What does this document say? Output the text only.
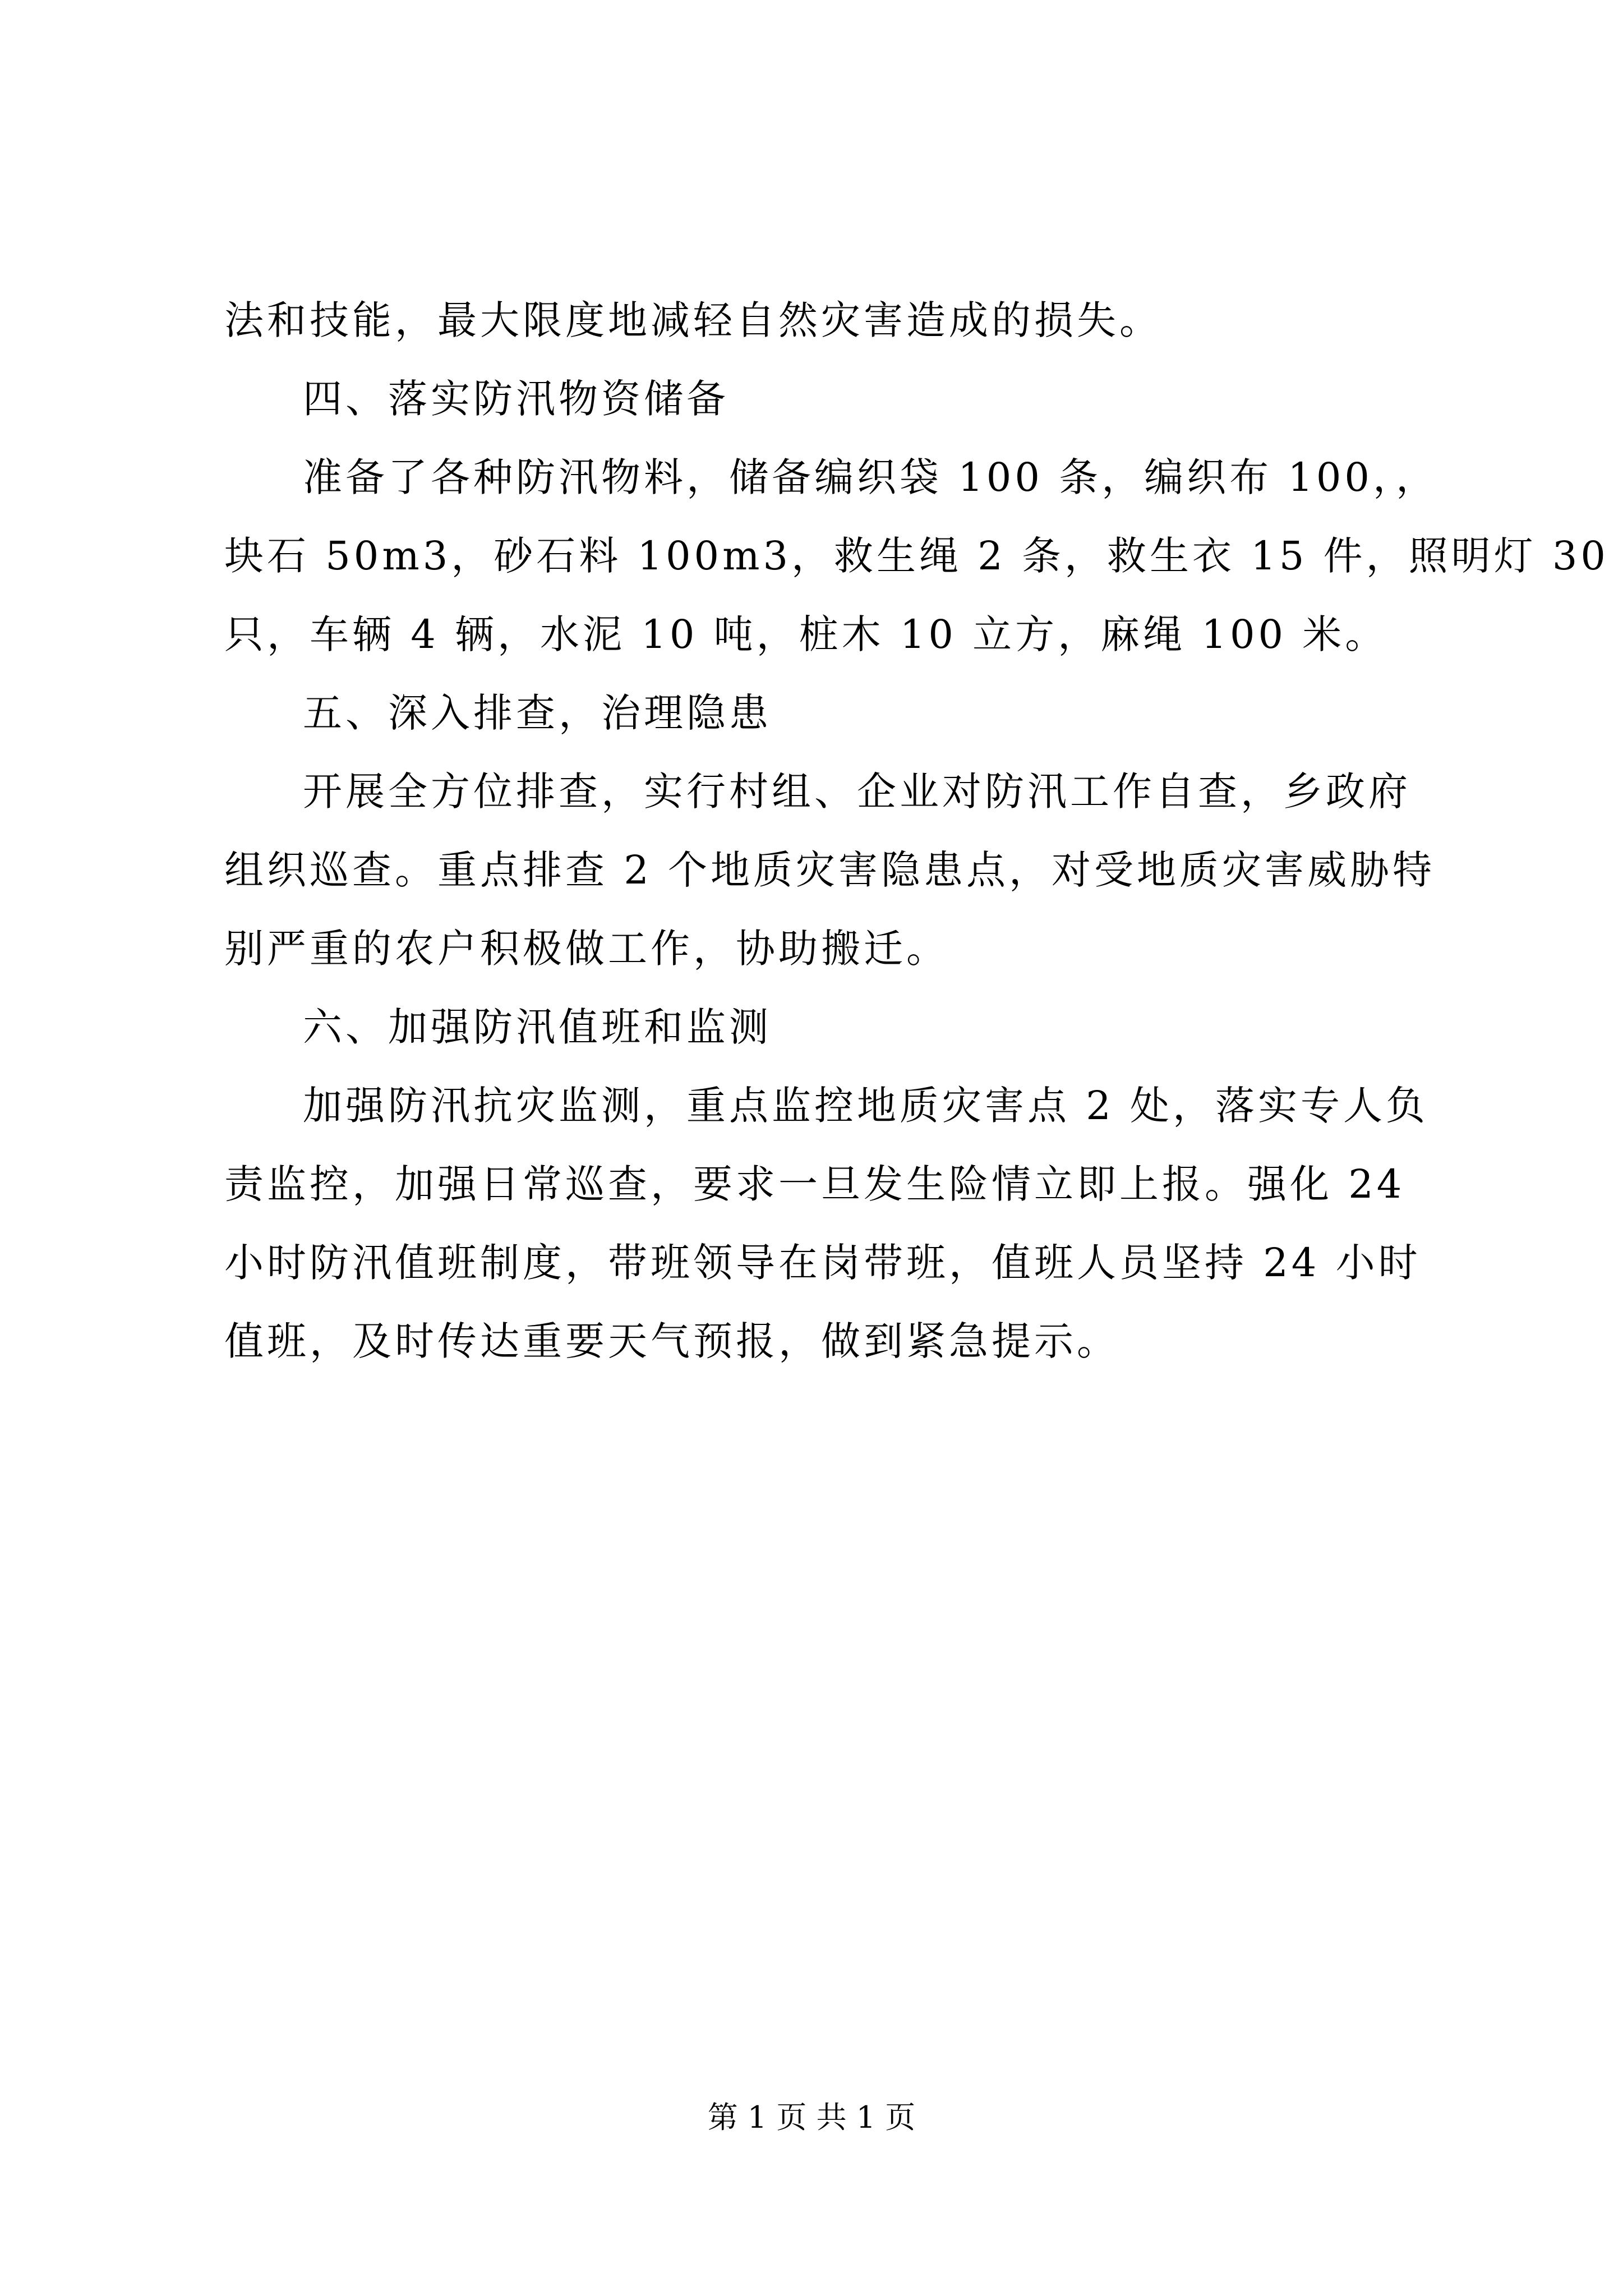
法和技能，最大限度地减轻自然灾害造成的损失。
四、落实防汛物资储备
准备了各种防汛物料，储备编织袋 100 条，编织布 100，，
块石 50m3，砂石料 100m3，救生绳 2 条，救生衣 15 件，照明灯 30
只，车辆 4 辆，水泥 10 吨，桩木 10 立方，麻绳 100 米。
五、深入排查，治理隐患
开展全方位排查，实行村组、企业对防汛工作自查，乡政府
组织巡查。重点排查 2 个地质灾害隐患点，对受地质灾害威胁特
别严重的农户积极做工作，协助搬迁。
六、加强防汛值班和监测
加强防汛抗灾监测，重点监控地质灾害点 2 处，落实专人负
责监控，加强日常巡查，要求一旦发生险情立即上报。强化 24
小时防汛值班制度，带班领导在岗带班，值班人员坚持 24 小时
值班，及时传达重要天气预报，做到紧急提示。
第 1 页 共 1 页
